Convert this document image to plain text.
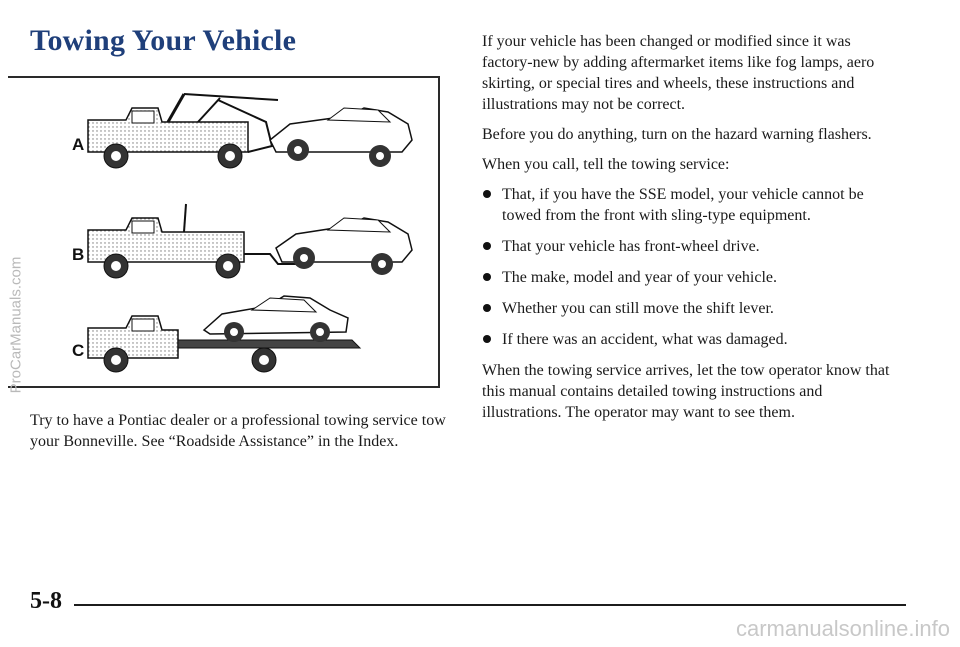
Towing Your Vehicle
A
B
C
Try to have a Pontiac dealer or a professional towing service tow your Bonneville. See “Roadside Assistance” in the Index.

If your vehicle has been changed or modified since it was factory-new by adding aftermarket items like fog lamps, aero skirting, or special tires and wheels, these instructions and illustrations may not be correct.

Before you do anything, turn on the hazard warning flashers.

When you call, tell the towing service:

That, if you have the SSE model, your vehicle cannot be towed from the front with sling-type equipment.
That your vehicle has front-wheel drive.
The make, model and year of your vehicle.
Whether you can still move the shift lever.
If there was an accident, what was damaged.

When the towing service arrives, let the tow operator know that this manual contains detailed towing instructions and illustrations. The operator may want to see them.

5-8
ProCarManuals.com
carmanualsonline.info
